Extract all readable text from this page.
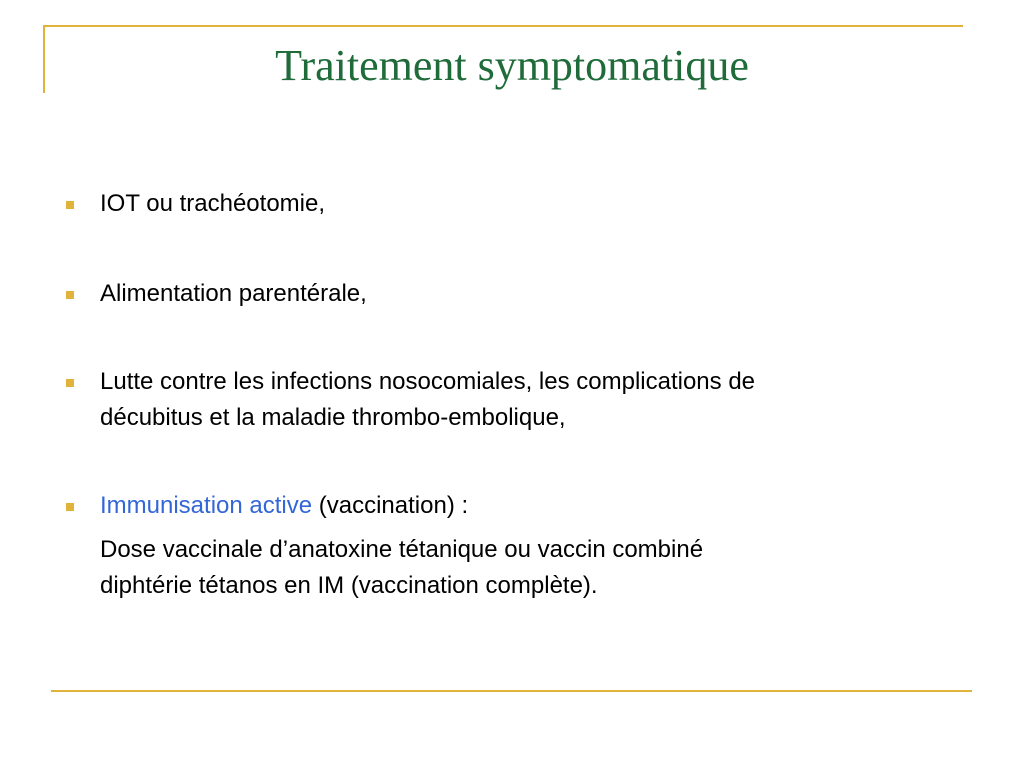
Traitement symptomatique
IOT ou trachéotomie,
Alimentation parentérale,
Lutte contre les infections nosocomiales, les complications de
décubitus et la maladie thrombo-embolique,
Immunisation active (vaccination) :
Dose vaccinale d’anatoxine tétanique ou vaccin combiné
diphtérie tétanos en IM (vaccination complète).
